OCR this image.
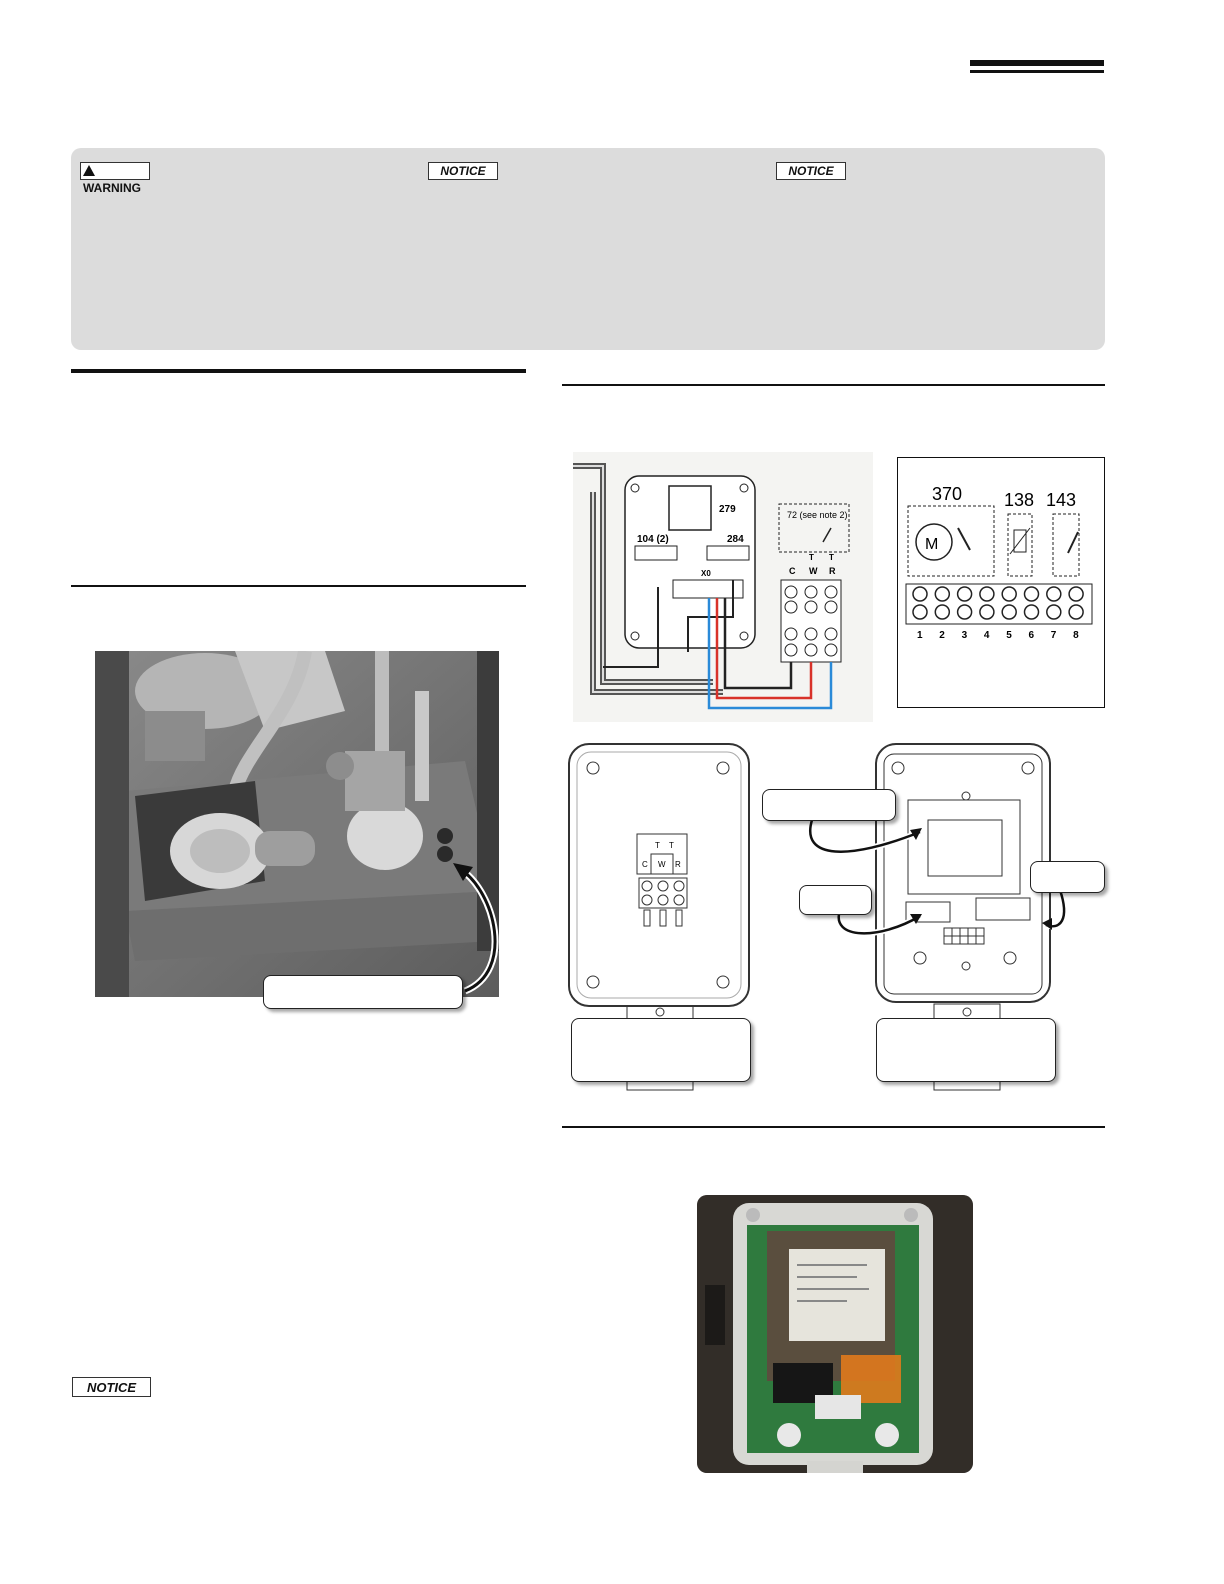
WARNING
NOTICE	NOTICE
279
104 (2)	284
X0
72 (see note 2)
C W R
T T
370 138 143
M
1 2 3 4 5 6 7 8
T T
C W R
NOTICE
